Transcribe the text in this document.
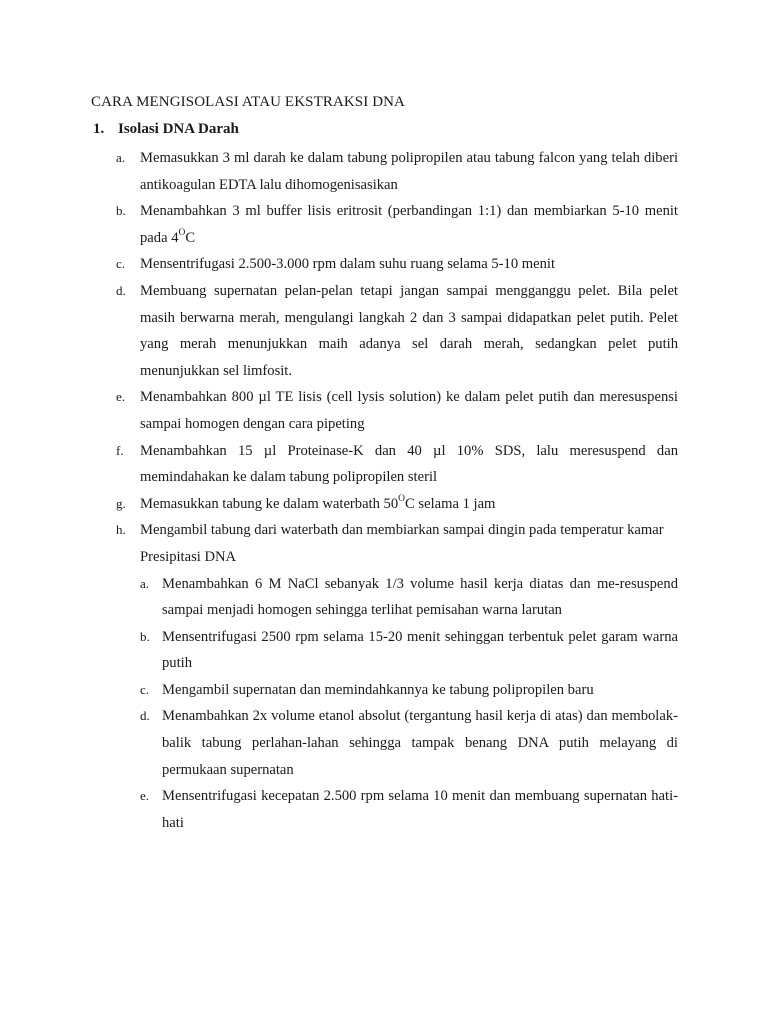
CARA MENGISOLASI ATAU EKSTRAKSI DNA
1. Isolasi DNA Darah
a. Memasukkan 3 ml darah ke dalam tabung polipropilen atau tabung falcon yang telah diberi antikoagulan EDTA lalu dihomogenisasikan
b. Menambahkan 3 ml buffer lisis eritrosit (perbandingan 1:1) dan membiarkan 5-10 menit pada $4^OC$
c. Mensentrifugasi 2.500-3.000 rpm dalam suhu ruang selama 5-10 menit
d. Membuang supernatan pelan-pelan tetapi jangan sampai mengganggu pelet. Bila pelet masih berwarna merah, mengulangi langkah 2 dan 3 sampai didapatkan pelet putih. Pelet yang merah menunjukkan maih adanya sel darah merah, sedangkan pelet putih menunjukkan sel limfosit.
e. Menambahkan 800 µl TE lisis (cell lysis solution) ke dalam pelet putih dan meresuspensi sampai homogen dengan cara pipeting
f. Menambahkan 15 µl Proteinase-K dan 40 µl 10% SDS, lalu meresuspend dan memindahakan ke dalam tabung polipropilen steril
g. Memasukkan tabung ke dalam waterbath $50^OC$ selama 1 jam
h. Mengambil tabung dari waterbath dan membiarkan sampai dingin pada temperatur kamar
Presipitasi DNA
a. Menambahkan 6 M NaCl sebanyak 1/3 volume hasil kerja diatas dan me-resuspend sampai menjadi homogen sehingga terlihat pemisahan warna larutan
b. Mensentrifugasi 2500 rpm selama 15-20 menit sehinggan terbentuk pelet garam warna putih
c. Mengambil supernatan dan memindahkannya ke tabung polipropilen baru
d. Menambahkan 2x volume etanol absolut (tergantung hasil kerja di atas) dan membolak-balik tabung perlahan-lahan sehingga tampak benang DNA putih melayang di permukaan supernatan
e. Mensentrifugasi kecepatan 2.500 rpm selama 10 menit dan membuang supernatan hati-hati
